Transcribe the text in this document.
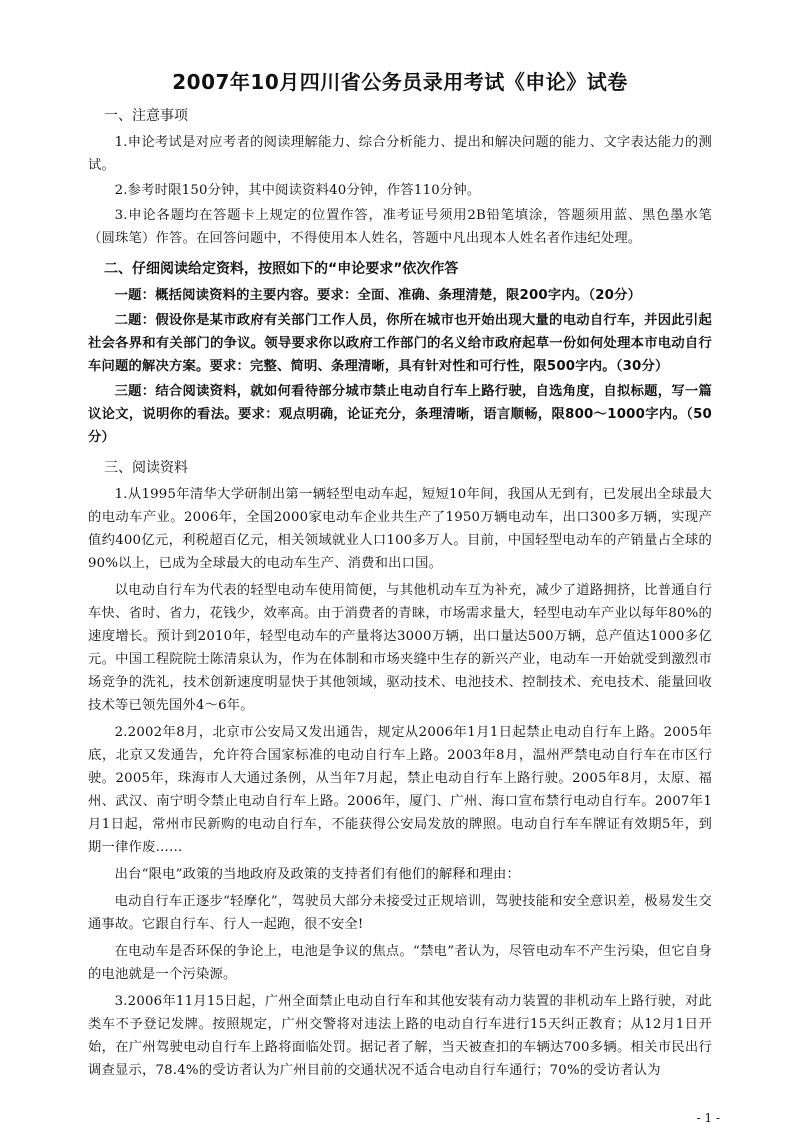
2007年10月四川省公务员录用考试《申论》试卷
一、注意事项

1.申论考试是对应考者的阅读理解能力、综合分析能力、提出和解决问题的能力、文字表达能力的测试。

2.参考时限150分钟，其中阅读资料40分钟，作答110分钟。

3.申论各题均在答题卡上规定的位置作答，准考证号须用2B铅笔填涂，答题须用蓝、黑色墨水笔（圆珠笔）作答。在回答问题中，不得使用本人姓名，答题中凡出现本人姓名者作违纪处理。

二、仔细阅读给定资料，按照如下的“申论要求”依次作答

一题：概括阅读资料的主要内容。要求：全面、准确、条理清楚，限200字内。（20分）

二题：假设你是某市政府有关部门工作人员，你所在城市也开始出现大量的电动自行车，并因此引起社会各界和有关部门的争议。领导要求你以政府工作部门的名义给市政府起草一份如何处理本市电动自行车问题的解决方案。要求：完整、简明、条理清晰，具有针对性和可行性，限500字内。（30分）

三题：结合阅读资料，就如何看待部分城市禁止电动自行车上路行驶，自选角度，自拟标题，写一篇议论文，说明你的看法。要求：观点明确，论证充分，条理清晰，语言顺畅，限800～1000字内。（50分）

三、阅读资料

1.从1995年清华大学研制出第一辆轻型电动车起，短短10年间，我国从无到有，已发展出全球最大的电动车产业。2006年，全国2000家电动车企业共生产了1950万辆电动车，出口300多万辆，实现产值约400亿元，利税超百亿元，相关领域就业人口100多万人。目前，中国轻型电动车的产销量占全球的90%以上，已成为全球最大的电动车生产、消费和出口国。

以电动自行车为代表的轻型电动车使用简便，与其他机动车互为补充，减少了道路拥挤，比普通自行车快、省时、省力，花钱少，效率高。由于消费者的青睐，市场需求量大，轻型电动车产业以每年80%的速度增长。预计到2010年，轻型电动车的产量将达3000万辆，出口量达500万辆，总产值达1000多亿元。中国工程院院士陈清泉认为，作为在体制和市场夹缝中生存的新兴产业，电动车一开始就受到激烈市场竞争的洗礼，技术创新速度明显快于其他领域，驱动技术、电池技术、控制技术、充电技术、能量回收技术等已领先国外4～6年。

2.2002年8月，北京市公安局又发出通告，规定从2006年1月1日起禁止电动自行车上路。2005年底，北京又发通告，允许符合国家标准的电动自行车上路。2003年8月，温州严禁电动自行车在市区行驶。2005年，珠海市人大通过条例，从当年7月起，禁止电动自行车上路行驶。2005年8月，太原、福州、武汉、南宁明令禁止电动自行车上路。2006年，厦门、广州、海口宣布禁行电动自行车。2007年1月1日起，常州市民新购的电动自行车，不能获得公安局发放的牌照。电动自行车车牌证有效期5年，到期一律作废……

出台“限电”政策的当地政府及政策的支持者们有他们的解释和理由：

电动自行车正逐步“轻摩化”，驾驶员大部分未接受过正规培训，驾驶技能和安全意识差，极易发生交通事故。它跟自行车、行人一起跑，很不安全!

在电动车是否环保的争论上，电池是争议的焦点。“禁电”者认为，尽管电动车不产生污染，但它自身的电池就是一个污染源。

3.2006年11月15日起，广州全面禁止电动自行车和其他安装有动力装置的非机动车上路行驶，对此类车不予登记发牌。按照规定，广州交警将对违法上路的电动自行车进行15天纠正教育；从12月1日开始，在广州驾驶电动自行车上路将面临处罚。据记者了解，当天被查扣的车辆达700多辆。相关市民出行调查显示，78.4%的受访者认为广州目前的交通状况不适合电动自行车通行；70%的受访者认为

- 1 -
